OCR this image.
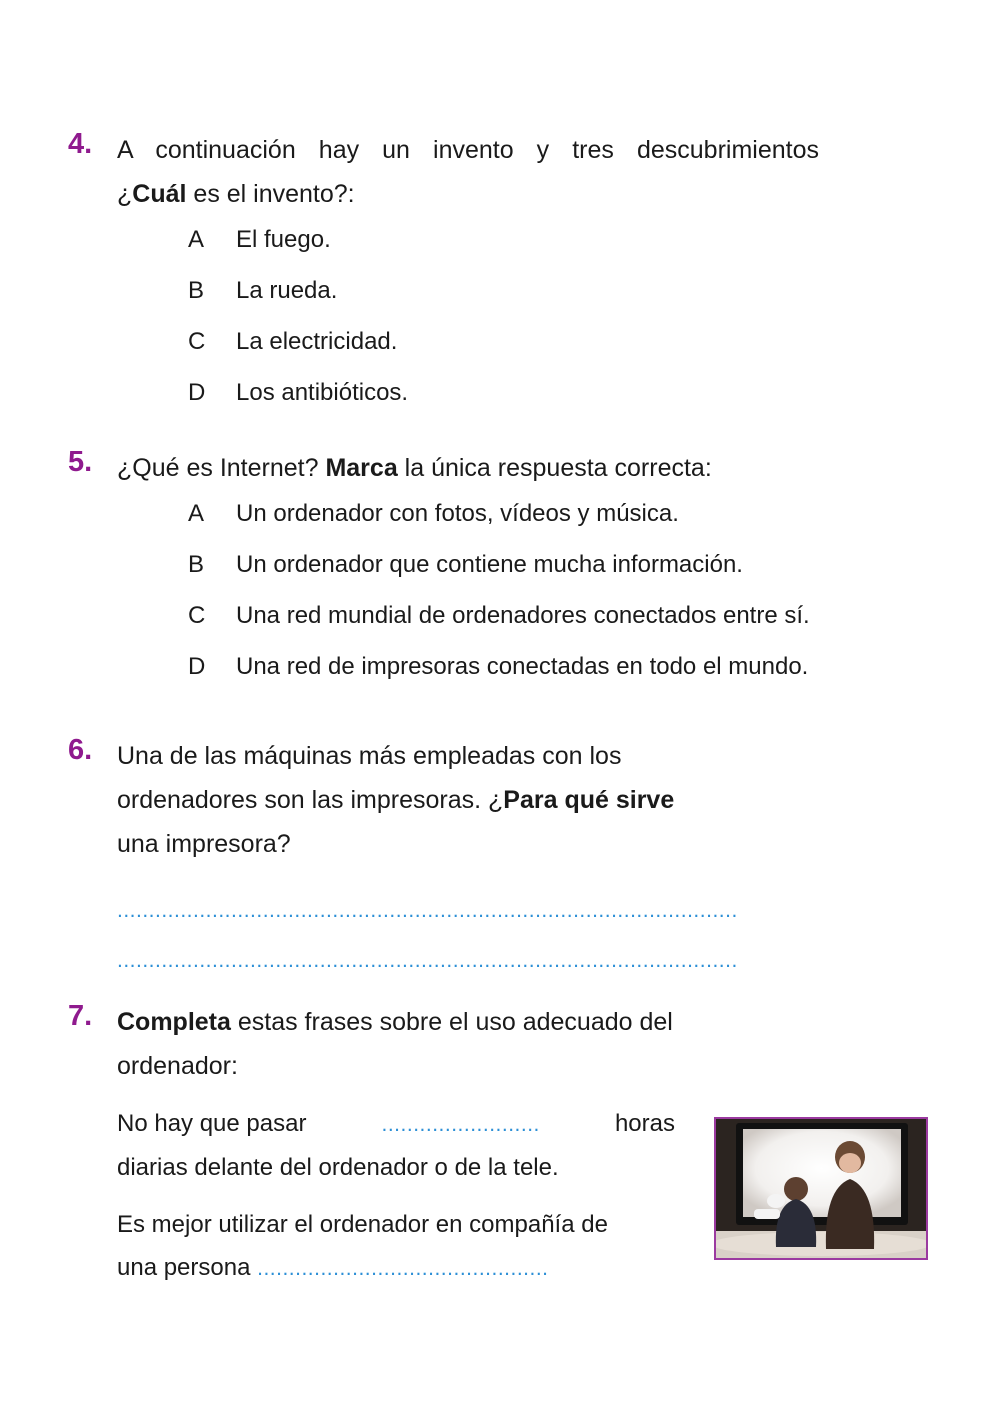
4. A continuación hay un invento y tres descubrimientos
¿Cuál es el invento?:
A	El fuego.
B	La rueda.
C	La electricidad.
D	Los antibióticos.
5. ¿Qué es Internet? Marca la única respuesta correcta:
A	Un ordenador con fotos, vídeos y música.
B	Un ordenador que contiene mucha información.
C	Una red mundial de ordenadores conectados entre sí.
D	Una red de impresoras conectadas en todo el mundo.
6. Una de las máquinas más empleadas con los
ordenadores son las impresoras. ¿Para qué sirve
una impresora?
..................................................................................................
..................................................................................................
7. Completa estas frases sobre el uso adecuado del
ordenador:
No hay que pasar	.........................	horas
diarias delante del ordenador o de la tele.
Es mejor utilizar el ordenador en compañía de
una persona ..............................................
